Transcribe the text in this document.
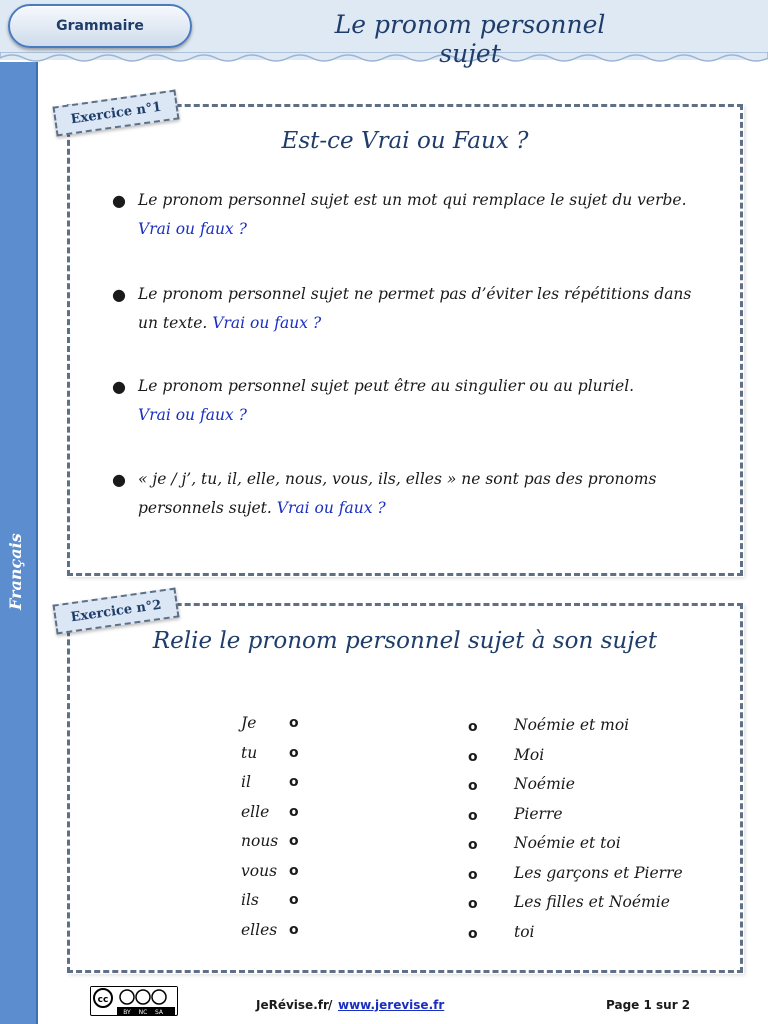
Grammaire	Le pronom personnel sujet
Français
Exercice n°1
Est-ce Vrai ou Faux ?
● Le pronom personnel sujet est un mot qui remplace le sujet du verbe.
Vrai ou faux ?
● Le pronom personnel sujet ne permet pas d’éviter les répétitions dans un texte. Vrai ou faux ?
● Le pronom personnel sujet peut être au singulier ou au pluriel.
Vrai ou faux ?
● « je / j’, tu, il, elle, nous, vous, ils, elles » ne sont pas des pronoms personnels sujet. Vrai ou faux ?
Exercice n°2
Relie le pronom personnel sujet à son sujet
Je o	o Noémie et moi
tu o	o Moi
il	o	o Noémie
elle o	o Pierre
nous o	o Noémie et toi
vous o	o Les garçons et Pierre
ils o	o Les filles et Noémie
elles o	o toi
cc
BY NC SA
JeRévise.fr / www.jerevise.fr	Page 1 sur 2
